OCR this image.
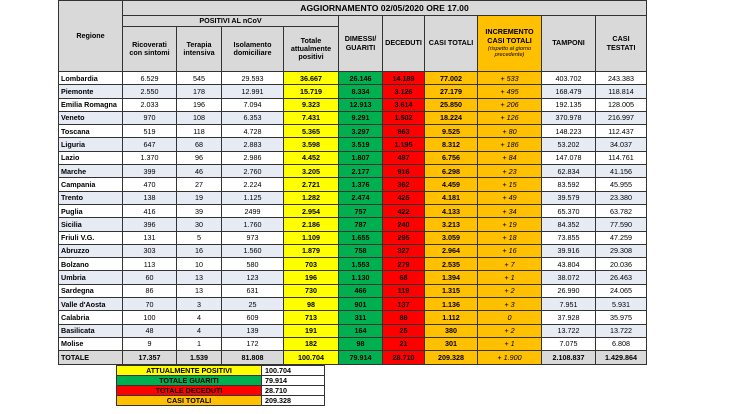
Regione	AGGIORNAMENTO 02/05/2020 ORE 17.00									
	POSITIVI AL nCoV				DIMESSI/ GUARITI	DECEDUTI	CASI TOTALI	INCREMENTO CASI TOTALI
(rispetto al giorno precedente)	TAMPONI	CASI TESTATI
	Ricoverati con sintomi	Terapia intensiva	Isolamento domiciliare	Totale attualmente positivi						
Lombardia	6.529	545	29.593	36.667	26.146	14.189	77.002	+ 533	403.702	243.383
Piemonte	2.550	178	12.991	15.719	8.334	3.126	27.179	+ 495	168.479	118.814
Emilia Romagna	2.033	196	7.094	9.323	12.913	3.614	25.850	+ 206	192.135	128.005
Veneto	970	108	6.353	7.431	9.291	1.502	18.224	+ 126	370.978	216.997
Toscana	519	118	4.728	5.365	3.297	863	9.525	+ 80	148.223	112.437
Liguria	647	68	2.883	3.598	3.519	1.195	8.312	+ 186	53.202	34.037
Lazio	1.370	96	2.986	4.452	1.807	497	6.756	+ 84	147.078	114.761
Marche	399	46	2.760	3.205	2.177	916	6.298	+ 23	62.834	41.156
Campania	470	27	2.224	2.721	1.376	362	4.459	+ 15	83.592	45.955
Trento	138	19	1.125	1.282	2.474	425	4.181	+ 49	39.579	23.380
Puglia	416	39	2499	2.954	757	422	4.133	+ 34	65.370	63.782
Sicilia	396	30	1.760	2.186	787	240	3.213	+ 19	84.352	77.590
Friuli V.G.	131	5	973	1.109	1.655	295	3.059	+ 18	73.855	47.259
Abruzzo	303	16	1.560	1.879	758	327	2.964	+ 16	39.916	29.308
Bolzano	113	10	580	703	1.553	279	2.535	+ 7	43.804	20.036
Umbria	60	13	123	196	1.130	68	1.394	+ 1	38.072	26.463
Sardegna	86	13	631	730	466	119	1.315	+ 2	26.990	24.065
Valle d'Aosta	70	3	25	98	901	137	1.136	+ 3	7.951	5.931
Calabria	100	4	609	713	311	88	1.112	0	37.928	35.975
Basilicata	48	4	139	191	164	25	380	+ 2	13.722	13.722
Molise	9	1	172	182	98	21	301	+ 1	7.075	6.808
TOTALE	17.357	1.539	81.808	100.704	79.914	28.710	209.328	+ 1.900	2.108.837	1.429.864
ATTUALMENTE POSITIVI	100.704
TOTALE GUARITI	79.914
TOTALE DECEDUTI	28.710
CASI TOTALI	209.328
